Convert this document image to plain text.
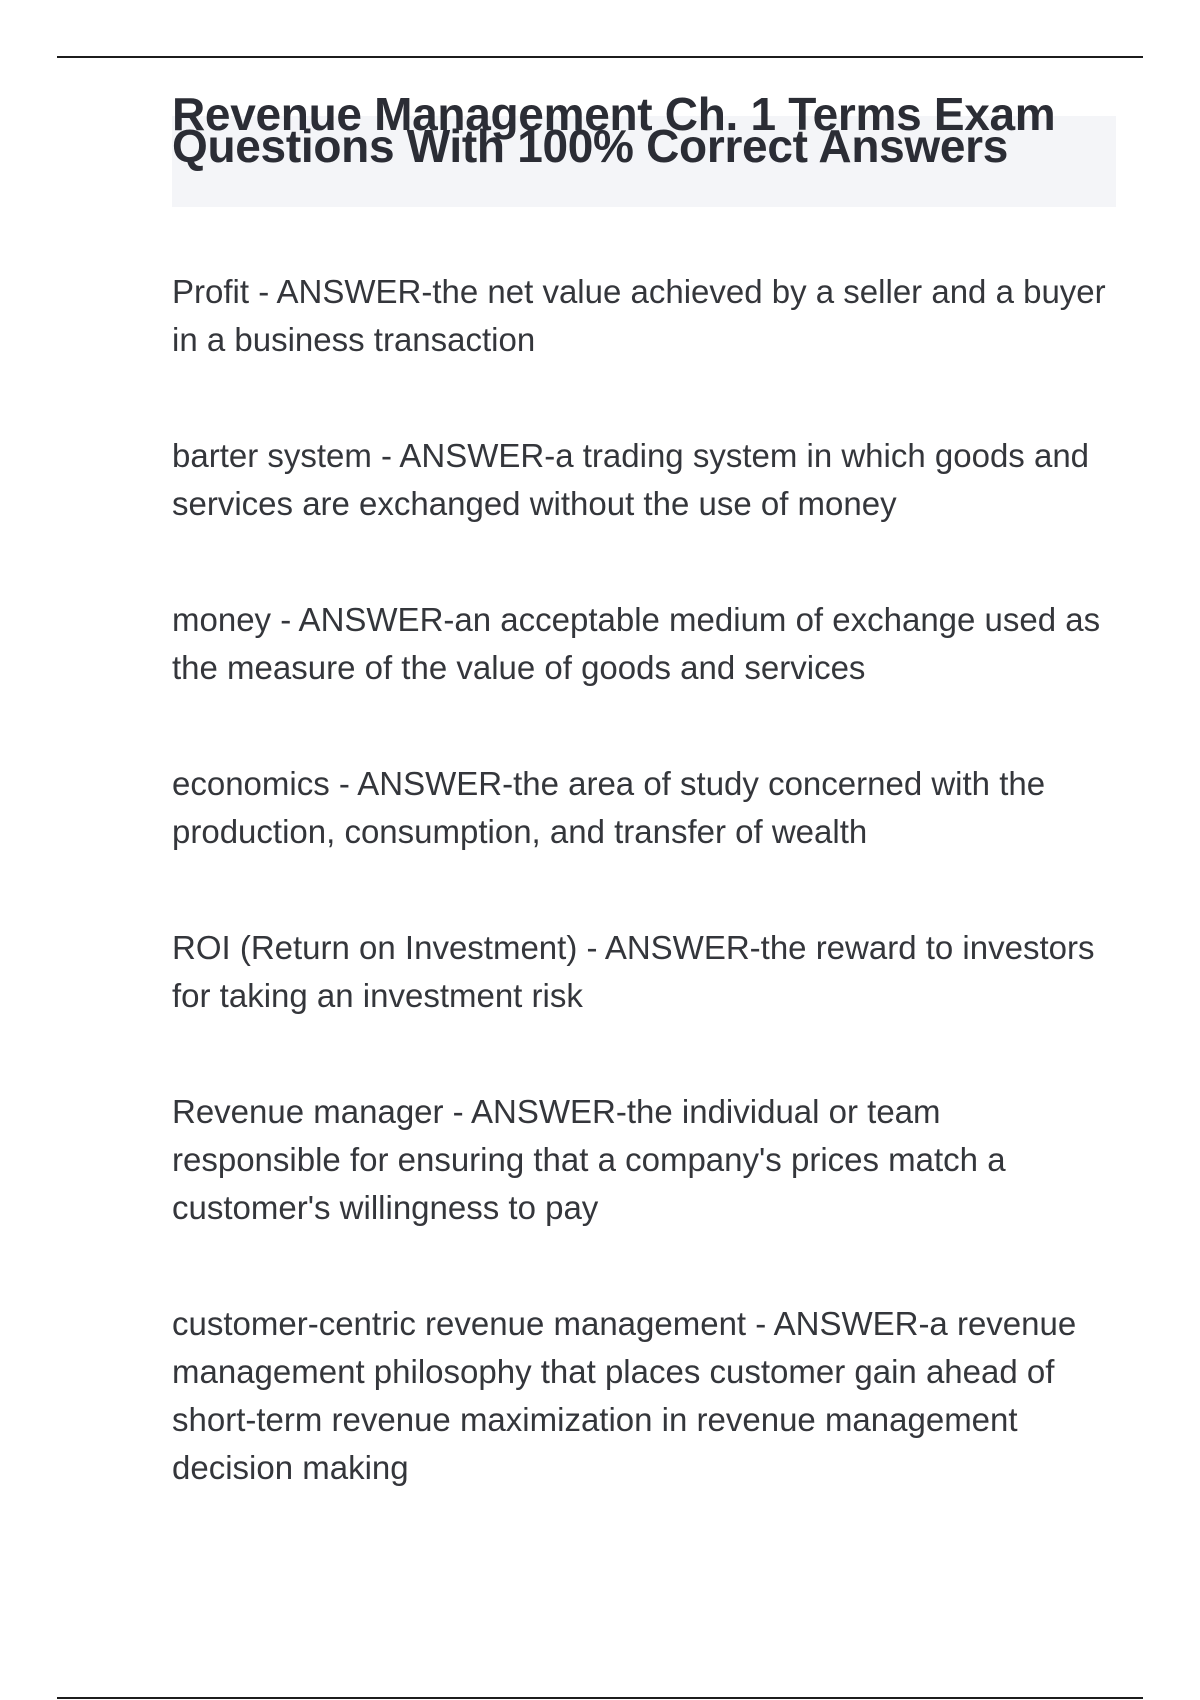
Revenue Management Ch. 1 Terms Exam Questions With 100% Correct Answers

Profit - ANSWER-the net value achieved by a seller and a buyer in a business transaction

barter system - ANSWER-a trading system in which goods and services are exchanged without the use of money

money - ANSWER-an acceptable medium of exchange used as the measure of the value of goods and services

economics - ANSWER-the area of study concerned with the production, consumption, and transfer of wealth

ROI (Return on Investment) - ANSWER-the reward to investors for taking an investment risk

Revenue manager - ANSWER-the individual or team responsible for ensuring that a company's prices match a customer's willingness to pay

customer-centric revenue management - ANSWER-a revenue management philosophy that places customer gain ahead of short-term revenue maximization in revenue management decision making
